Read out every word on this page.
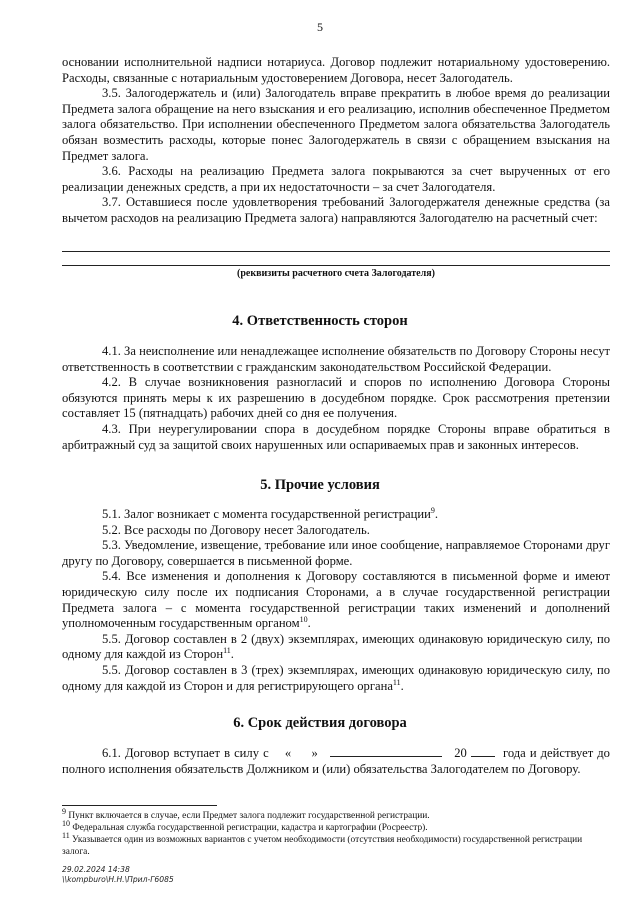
5

основании исполнительной надписи нотариуса. Договор подлежит нотариальному удостоверению. Расходы, связанные с нотариальным удостоверением Договора, несет Залогодатель.

3.5. Залогодержатель и (или) Залогодатель вправе прекратить в любое время до реализации Предмета залога обращение на него взыскания и его реализацию, исполнив обеспеченное Предметом залога обязательство. При исполнении обеспеченного Предметом залога обязательства Залогодатель обязан возместить расходы, которые понес Залогодержатель в связи с обращением взыскания на Предмет залога.

3.6. Расходы на реализацию Предмета залога покрываются за счет вырученных от его реализации денежных средств, а при их недостаточности – за счет Залогодателя.

3.7. Оставшиеся после удовлетворения требований Залогодержателя денежные средства (за вычетом расходов на реализацию Предмета залога) направляются Залогодателю на расчетный счет:

(реквизиты расчетного счета Залогодателя)
4. Ответственность сторон

4.1. За неисполнение или ненадлежащее исполнение обязательств по Договору Стороны несут ответственность в соответствии с гражданским законодательством Российской Федерации.

4.2. В случае возникновения разногласий и споров по исполнению Договора Стороны обязуются принять меры к их разрешению в досудебном порядке. Срок рассмотрения претензии составляет 15 (пятнадцать) рабочих дней со дня ее получения.

4.3. При неурегулировании спора в досудебном порядке Стороны вправе обратиться в арбитражный суд за защитой своих нарушенных или оспариваемых прав и законных интересов.

5. Прочие условия

5.1. Залог возникает с момента государственной регистрации$^9$.

5.2. Все расходы по Договору несет Залогодатель.

5.3. Уведомление, извещение, требование или иное сообщение, направляемое Сторонами друг другу по Договору, совершается в письменной форме.

5.4. Все изменения и дополнения к Договору составляются в письменной форме и имеют юридическую силу после их подписания Сторонами, а в случае государственной регистрации Предмета залога – с момента государственной регистрации таких изменений и дополнений уполномоченным государственным органом$^{10}$.

5.5. Договор составлен в 2 (двух) экземплярах, имеющих одинаковую юридическую силу, по одному для каждой из Сторон$^{11}$.

5.5. Договор составлен в 3 (трех) экземплярах, имеющих одинаковую юридическую силу, по одному для каждой из Сторон и для регистрирующего органа$^{11}$.

6. Срок действия договора

6.1. Договор вступает в силу с « »	20	года и действует до полного исполнения обязательств Должником и (или) обязательства Залогодателем по Договору.

$^9$ Пункт включается в случае, если Предмет залога подлежит государственной регистрации.

$^{10}$ Федеральная служба государственной регистрации, кадастра и картографии (Росреестр).

$^{11}$ Указывается один из возможных вариантов с учетом необходимости (отсутствия необходимости) государственной регистрации залога.

29.02.2024 14:38
\\kompburo\Н.Н.\Прил-Г6085
